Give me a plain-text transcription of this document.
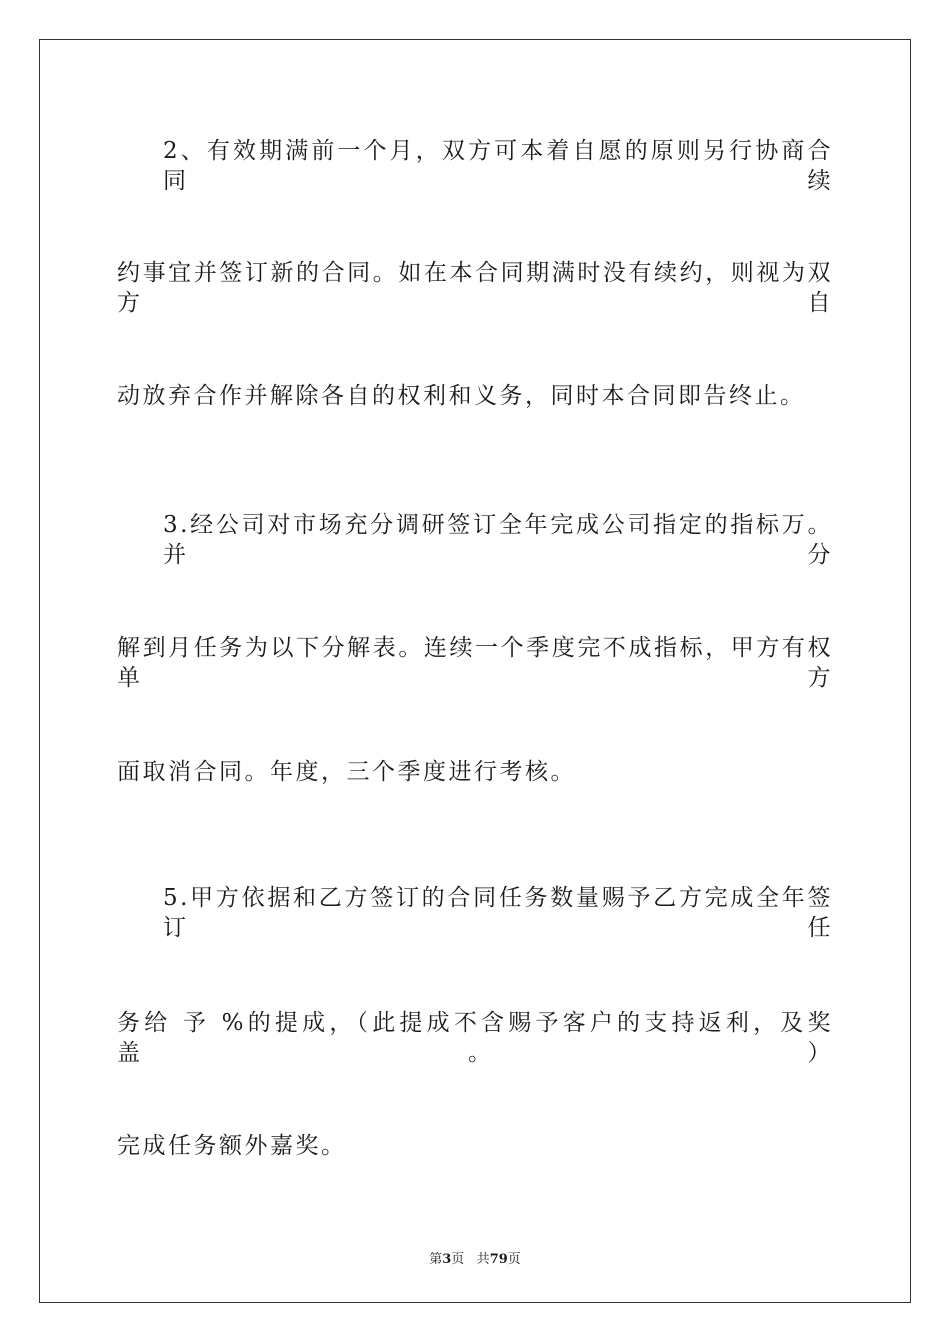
2、有效期满前一个月，双方可本着自愿的原则另行协商合同续
约事宜并签订新的合同。如在本合同期满时没有续约，则视为双方自
动放弃合作并解除各自的权利和义务，同时本合同即告终止。
3.经公司对市场充分调研签订全年完成公司指定的指标万。并分
解到月任务为以下分解表。连续一个季度完不成指标，甲方有权单方
面取消合同。年度，三个季度进行考核。
5.甲方依据和乙方签订的合同任务数量赐予乙方完成全年签订任
务给 予 %的提成，（此提成不含赐予客户的支持返利，及奖盖。）
完成任务额外嘉奖。
第3页 共79页
